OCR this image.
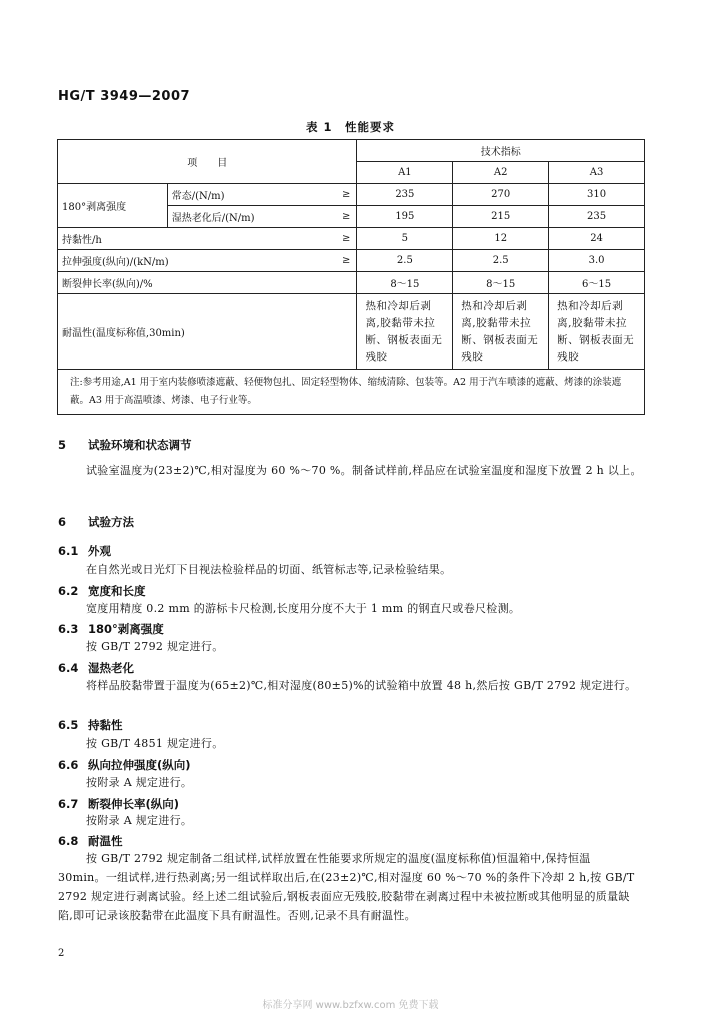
HG/T 3949—2007
表 1　性能要求
项　　目			技术指标		
			A1	A2	A3
180°剥离强度	常态/(N/m)	≥	235	270	310
	湿热老化后/(N/m)	≥	195	215	235
持黏性/h		≥	5	12	24
拉伸强度(纵向)/(kN/m)		≥	2.5	2.5	3.0
断裂伸长率(纵向)/%			8～15	8～15	6～15
耐温性(温度标称值,30min)			热和冷却后剥离,胶黏带未拉断、钢板表面无残胶	热和冷却后剥离,胶黏带未拉断、钢板表面无残胶	热和冷却后剥离,胶黏带未拉断、钢板表面无残胶
注:参考用途,A1 用于室内装修喷漆遮蔽、轻便物包扎、固定轻型物体、缩绒清除、包装等。A2 用于汽车喷漆的遮蔽、烤漆的涂装遮蔽。A3 用于高温喷漆、烤漆、电子行业等。					
5 试验环境和状态调节
试验室温度为(23±2)℃,相对湿度为 60 %～70 %。制备试样前,样品应在试验室温度和湿度下放置 2 h 以上。
6 试验方法
6.1 外观
在自然光或日光灯下目视法检验样品的切面、纸管标志等,记录检验结果。
6.2 宽度和长度
宽度用精度 0.2 mm 的游标卡尺检测,长度用分度不大于 1 mm 的钢直尺或卷尺检测。
6.3 180°剥离强度
按 GB/T 2792 规定进行。
6.4 湿热老化
将样品胶黏带置于温度为(65±2)℃,相对湿度(80±5)%的试验箱中放置 48 h,然后按 GB/T 2792 规定进行。
6.5 持黏性
按 GB/T 4851 规定进行。
6.6 纵向拉伸强度(纵向)
按附录 A 规定进行。
6.7 断裂伸长率(纵向)
按附录 A 规定进行。
6.8 耐温性
按 GB/T 2792 规定制备二组试样,试样放置在性能要求所规定的温度(温度标称值)恒温箱中,保持恒温 30min。一组试样,进行热剥离;另一组试样取出后,在(23±2)℃,相对湿度 60 %～70 %的条件下冷却 2 h,按 GB/T 2792 规定进行剥离试验。经上述二组试验后,钢板表面应无残胶,胶黏带在剥离过程中未被拉断或其他明显的质量缺陷,即可记录该胶黏带在此温度下具有耐温性。否则,记录不具有耐温性。
2
标准分享网 www.bzfxw.com 免费下载
